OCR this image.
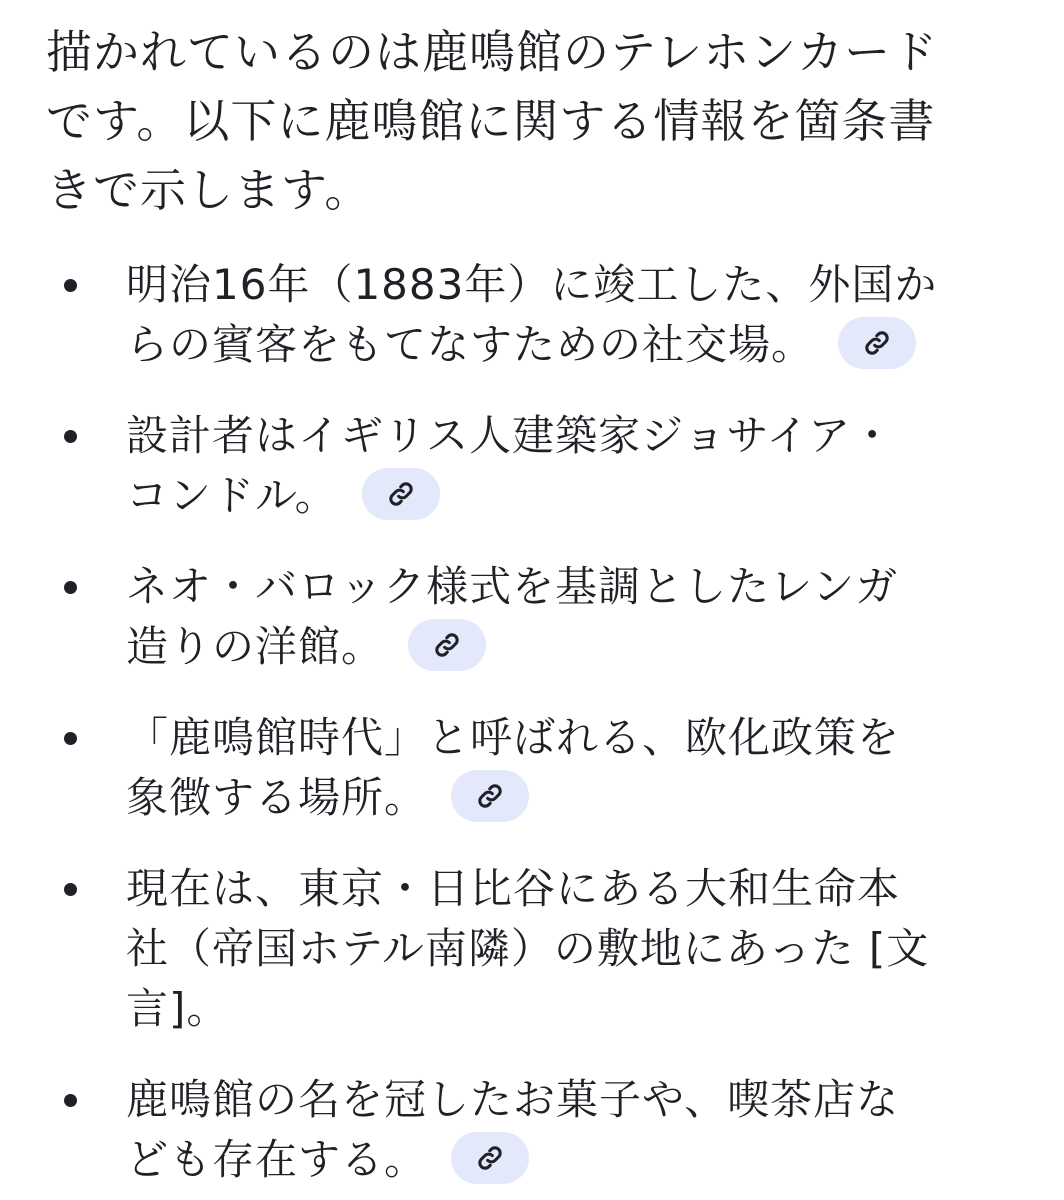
描かれているのは鹿鳴館のテレホンカード
です。以下に鹿鳴館に関する情報を箇条書
きで示します。
明治16年（1883年）に竣工した、外国か
らの賓客をもてなすための社交場。
設計者はイギリス人建築家ジョサイア・
コンドル。
ネオ・バロック様式を基調としたレンガ
造りの洋館。
「鹿鳴館時代」と呼ばれる、欧化政策を
象徴する場所。
現在は、東京・日比谷にある大和生命本
社（帝国ホテル南隣）の敷地にあった [文
言]。
鹿鳴館の名を冠したお菓子や、喫茶店な
ども存在する。
